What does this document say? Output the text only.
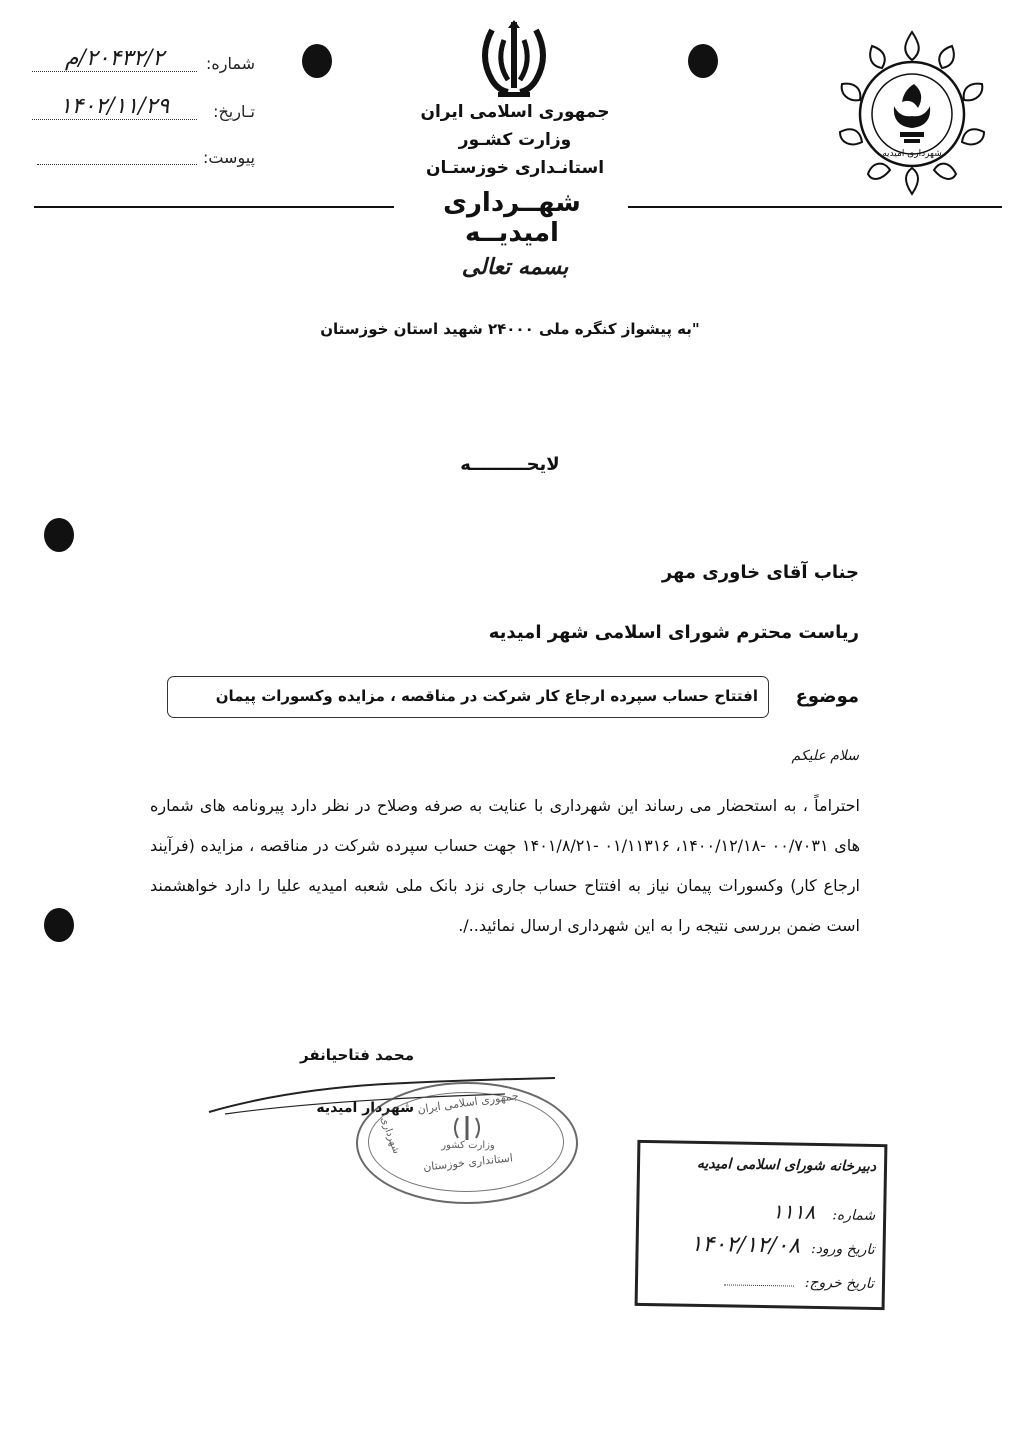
شماره:
۲۰۴۳۲/۲/م
تـاریخ:
۱۴۰۲/۱۱/۲۹
پیوست:
جمهوری اسلامی ایران
وزارت کشـور
استانـداری خوزستـان
شهــرداری امیدیــه
شهرداری امیدیه
بسمه تعالی
"به پیشواز کنگره ملی ۲۴۰۰۰ شهید استان خوزستان
لایحـــــــــه
جناب آقای خاوری مهر
ریاست محترم شورای اسلامی شهر امیدیه
موضوع
افتتاح حساب سپرده ارجاع کار شرکت در مناقصه ، مزایده وکسورات پیمان
سلام علیکم
احتراماً ، به استحضار می رساند این شهرداری با عنایت به صرفه وصلاح در نظر دارد پیرونامه های شماره های ۰۰/۷۰۳۱ -۱۴۰۰/۱۲/۱۸، ۰۱/۱۱۳۱۶ -۱۴۰۱/۸/۲۱ جهت حساب سپرده شرکت در مناقصه ، مزایده (فرآیند ارجاع کار) وکسورات پیمان نیاز به افتتاح حساب جاری نزد بانک ملی شعبه امیدیه علیا را دارد خواهشمند است ضمن بررسی نتیجه را به این شهرداری ارسال نمائید../.
محمد فتاحیانفر
شهردار امیدیه جمهوری اسلامی ایران
وزارت کشور
استانداری خوزستان
شهرداری
دبیرخانه شورای اسلامی امیدیه
شماره: ۱۱۱۸
تاریخ ورود: ۱۴۰۲/۱۲/۰۸
تاریخ خروج:
